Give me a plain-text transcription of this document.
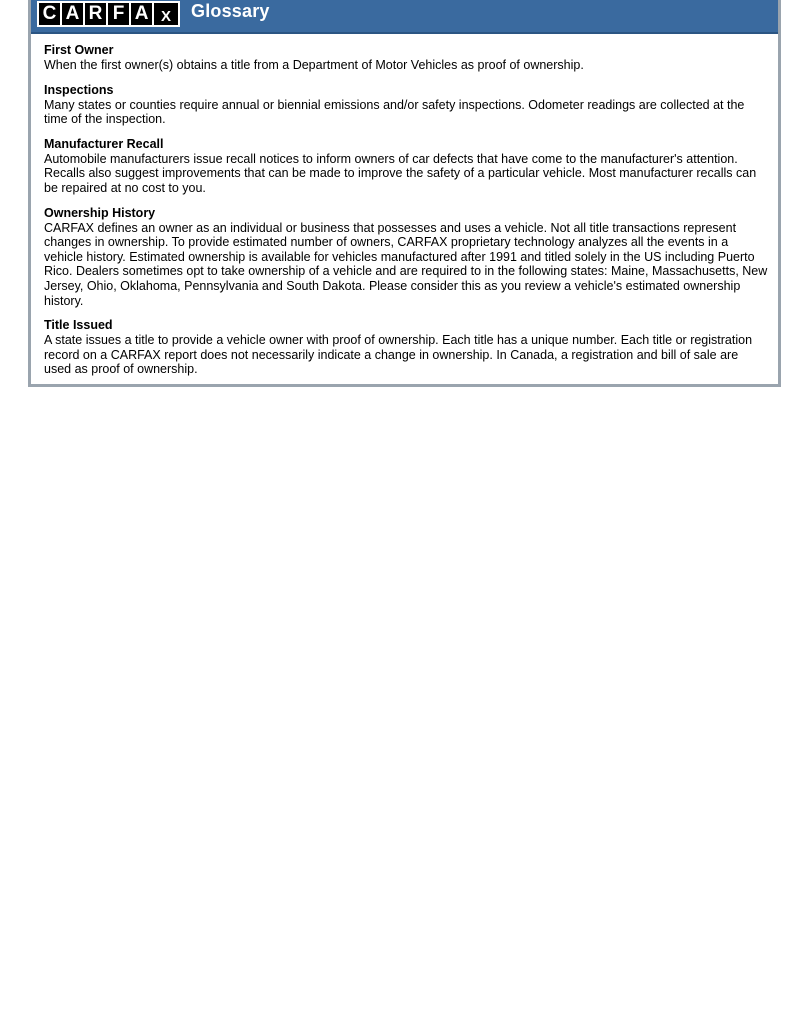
C A R F A X	Glossary

First Owner

When the first owner(s) obtains a title from a Department of Motor Vehicles as proof of ownership.

Inspections

Many states or counties require annual or biennial emissions and/or safety inspections. Odometer readings are collected at the time of the inspection.

Manufacturer Recall

Automobile manufacturers issue recall notices to inform owners of car defects that have come to the manufacturer's attention. Recalls also suggest improvements that can be made to improve the safety of a particular vehicle. Most manufacturer recalls can be repaired at no cost to you.

Ownership History

CARFAX defines an owner as an individual or business that possesses and uses a vehicle. Not all title transactions represent changes in ownership. To provide estimated number of owners, CARFAX proprietary technology analyzes all the events in a vehicle history. Estimated ownership is available for vehicles manufactured after 1991 and titled solely in the US including Puerto Rico. Dealers sometimes opt to take ownership of a vehicle and are required to in the following states: Maine, Massachusetts, New Jersey, Ohio, Oklahoma, Pennsylvania and South Dakota. Please consider this as you review a vehicle's estimated ownership history.

Title Issued

A state issues a title to provide a vehicle owner with proof of ownership. Each title has a unique number. Each title or registration record on a CARFAX report does not necessarily indicate a change in ownership. In Canada, a registration and bill of sale are used as proof of ownership.
